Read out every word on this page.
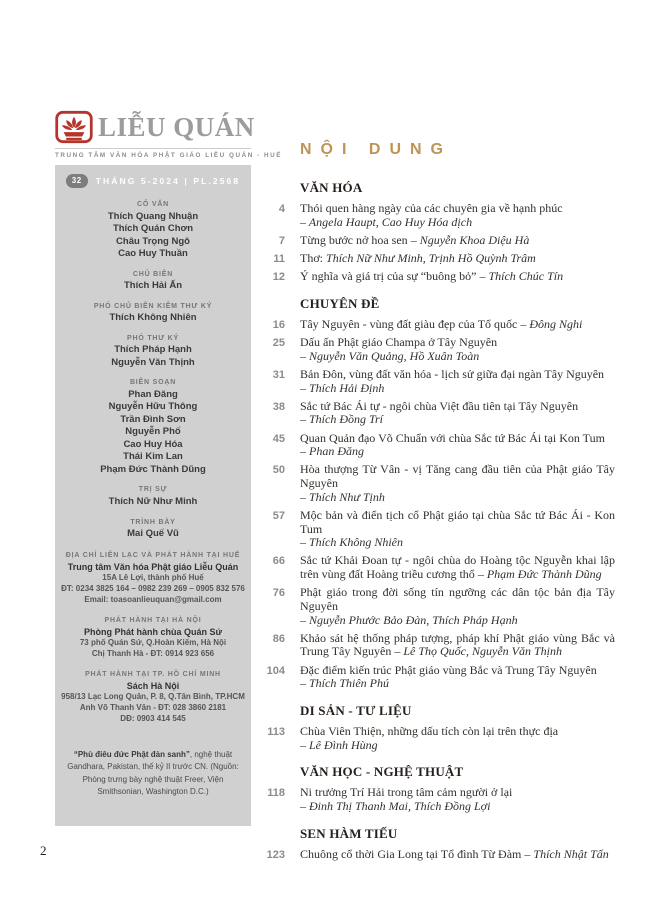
LIỄU QUÁN
TRUNG TÂM VĂN HÓA PHẬT GIÁO LIỄU QUÁN - HUẾ
32	THÁNG 5-2024 | PL.2568
CỐ VẤN
Thích Quang Nhuận
Thích Quán Chơn
Châu Trọng Ngô
Cao Huy Thuần
CHỦ BIÊN
Thích Hải Ấn
PHÓ CHỦ BIÊN KIÊM THƯ KÝ
Thích Không Nhiên
PHÓ THƯ KÝ
Thích Pháp Hạnh
Nguyễn Văn Thịnh
BIÊN SOẠN
Phan Đăng
Nguyễn Hữu Thông
Trần Đình Sơn
Nguyễn Phố
Cao Huy Hóa
Thái Kim Lan
Phạm Đức Thành Dũng
TRỊ SỰ
Thích Nữ Như Minh
TRÌNH BÀY
Mai Quế Vũ
ĐỊA CHỈ LIÊN LẠC VÀ PHÁT HÀNH TẠI HUẾ
Trung tâm Văn hóa Phật giáo Liễu Quán
15A Lê Lợi, thành phố Huế
ĐT: 0234 3825 164 – 0982 239 269 – 0905 832 576
Email: toasoanlieuquan@gmail.com
PHÁT HÀNH TẠI HÀ NỘI
Phòng Phát hành chùa Quán Sứ
73 phố Quán Sứ, Q.Hoàn Kiếm, Hà Nội
Chị Thanh Hà - ĐT: 0914 923 656
PHÁT HÀNH TẠI TP. HỒ CHÍ MINH
Sách Hà Nội
958/13 Lạc Long Quân, P. 8, Q.Tân Bình, TP.HCM
Anh Võ Thanh Vân - ĐT: 028 3860 2181
DĐ: 0903 414 545
“Phù điêu đức Phật đản sanh”, nghệ thuật Gandhara, Pakistan, thế kỷ II trước CN. (Nguồn: Phòng trưng bày nghệ thuật Freer, Viện Smithsonian, Washington D.C.)
NỘI DUNG
VĂN HÓA
4 Thói quen hàng ngày của các chuyên gia về hạnh phúc
– Angela Haupt, Cao Huy Hóa dịch
7 Từng bước nở hoa sen – Nguyễn Khoa Diệu Hà
11 Thơ: Thích Nữ Như Minh, Trịnh Hồ Quỳnh Trâm
12 Ý nghĩa và giá trị của sự “buông bỏ” – Thích Chúc Tín
CHUYÊN ĐỀ
16 Tây Nguyên - vùng đất giàu đẹp của Tổ quốc – Đông Nghi
25 Dấu ấn Phật giáo Champa ở Tây Nguyên
– Nguyễn Văn Quảng, Hồ Xuân Toàn
31 Bản Đôn, vùng đất văn hóa - lịch sử giữa đại ngàn Tây Nguyên
– Thích Hải Định
38 Sắc tứ Bác Ái tự - ngôi chùa Việt đầu tiên tại Tây Nguyên
– Thích Đồng Trí
45 Quan Quản đạo Võ Chuẩn với chùa Sắc tứ Bác Ái tại Kon Tum
– Phan Đăng
50 Hòa thượng Từ Vân - vị Tăng cang đầu tiên của Phật giáo Tây Nguyên
– Thích Như Tịnh
57 Mộc bản và điển tịch cổ Phật giáo tại chùa Sắc tứ Bác Ái - Kon Tum
– Thích Không Nhiên
66 Sắc tứ Khải Đoan tự - ngôi chùa do Hoàng tộc Nguyễn khai lập trên vùng đất Hoàng triều cương thổ – Phạm Đức Thành Dũng
76 Phật giáo trong đời sống tín ngưỡng các dân tộc bản địa Tây Nguyên
– Nguyễn Phước Bảo Đàn, Thích Pháp Hạnh
86 Khảo sát hệ thống pháp tượng, pháp khí Phật giáo vùng Bắc và Trung Tây Nguyên – Lê Thọ Quốc, Nguyễn Văn Thịnh
104 Đặc điểm kiến trúc Phật giáo vùng Bắc và Trung Tây Nguyên
– Thích Thiên Phú
DI SẢN - TƯ LIỆU
113 Chùa Viên Thiện, những dấu tích còn lại trên thực địa
– Lê Đình Hùng
VĂN HỌC - NGHỆ THUẬT
118 Ni trưởng Trí Hải trong tâm cảm người ở lại
– Đinh Thị Thanh Mai, Thích Đồng Lợi
SEN HÀM TIẾU
123 Chuông cổ thời Gia Long tại Tổ đình Từ Đàm – Thích Nhật Tấn
2
